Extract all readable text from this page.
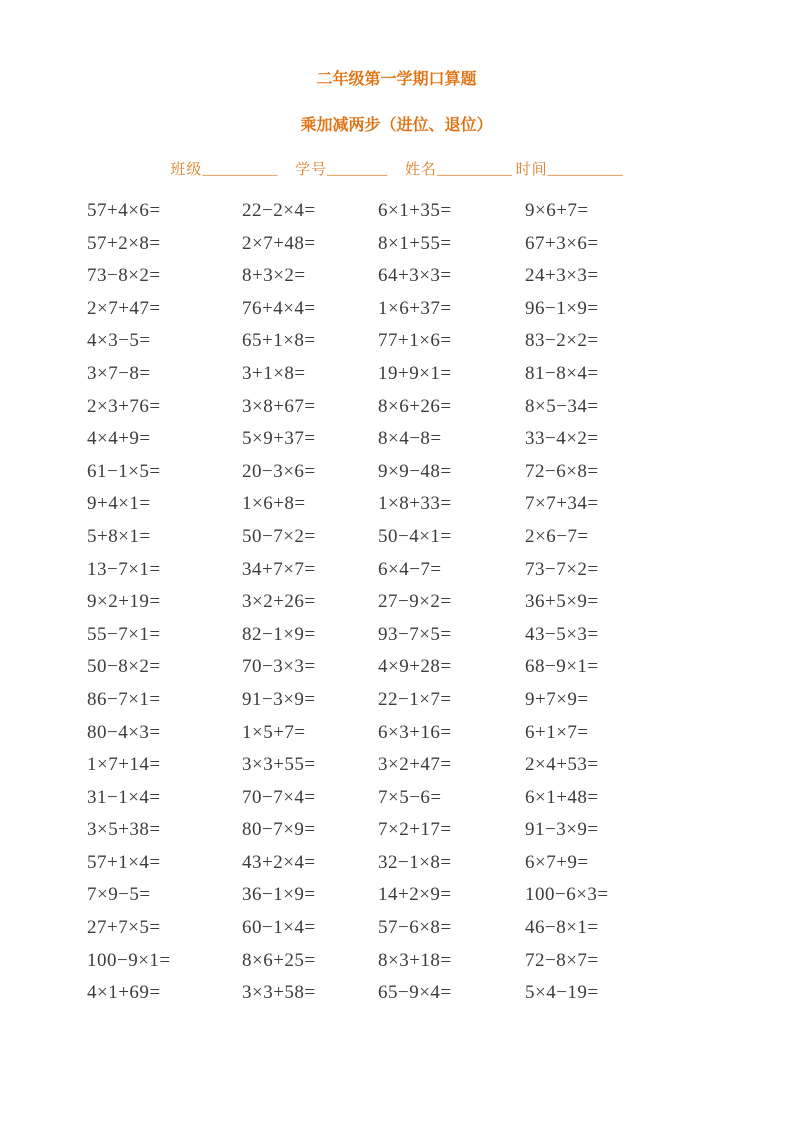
二年级第一学期口算题
乘加减两步（进位、退位）
班级__________ 学号________ 姓名__________ 时间__________
57+4×6=	22−2×4=	6×1+35=	9×6+7=
57+2×8=	2×7+48=	8×1+55=	67+3×6=
73−8×2=	8+3×2=	64+3×3=	24+3×3=
2×7+47=	76+4×4=	1×6+37=	96−1×9=
4×3−5=	65+1×8=	77+1×6=	83−2×2=
3×7−8=	3+1×8=	19+9×1=	81−8×4=
2×3+76=	3×8+67=	8×6+26=	8×5−34=
4×4+9=	5×9+37=	8×4−8=	33−4×2=
61−1×5=	20−3×6=	9×9−48=	72−6×8=
9+4×1=	1×6+8=	1×8+33=	7×7+34=
5+8×1=	50−7×2=	50−4×1=	2×6−7=
13−7×1=	34+7×7=	6×4−7=	73−7×2=
9×2+19=	3×2+26=	27−9×2=	36+5×9=
55−7×1=	82−1×9=	93−7×5=	43−5×3=
50−8×2=	70−3×3=	4×9+28=	68−9×1=
86−7×1=	91−3×9=	22−1×7=	9+7×9=
80−4×3=	1×5+7=	6×3+16=	6+1×7=
1×7+14=	3×3+55=	3×2+47=	2×4+53=
31−1×4=	70−7×4=	7×5−6=	6×1+48=
3×5+38=	80−7×9=	7×2+17=	91−3×9=
57+1×4=	43+2×4=	32−1×8=	6×7+9=
7×9−5=	36−1×9=	14+2×9=	100−6×3=
27+7×5=	60−1×4=	57−6×8=	46−8×1=
100−9×1=	8×6+25=	8×3+18=	72−8×7=
4×1+69=	3×3+58=	65−9×4=	5×4−19=
